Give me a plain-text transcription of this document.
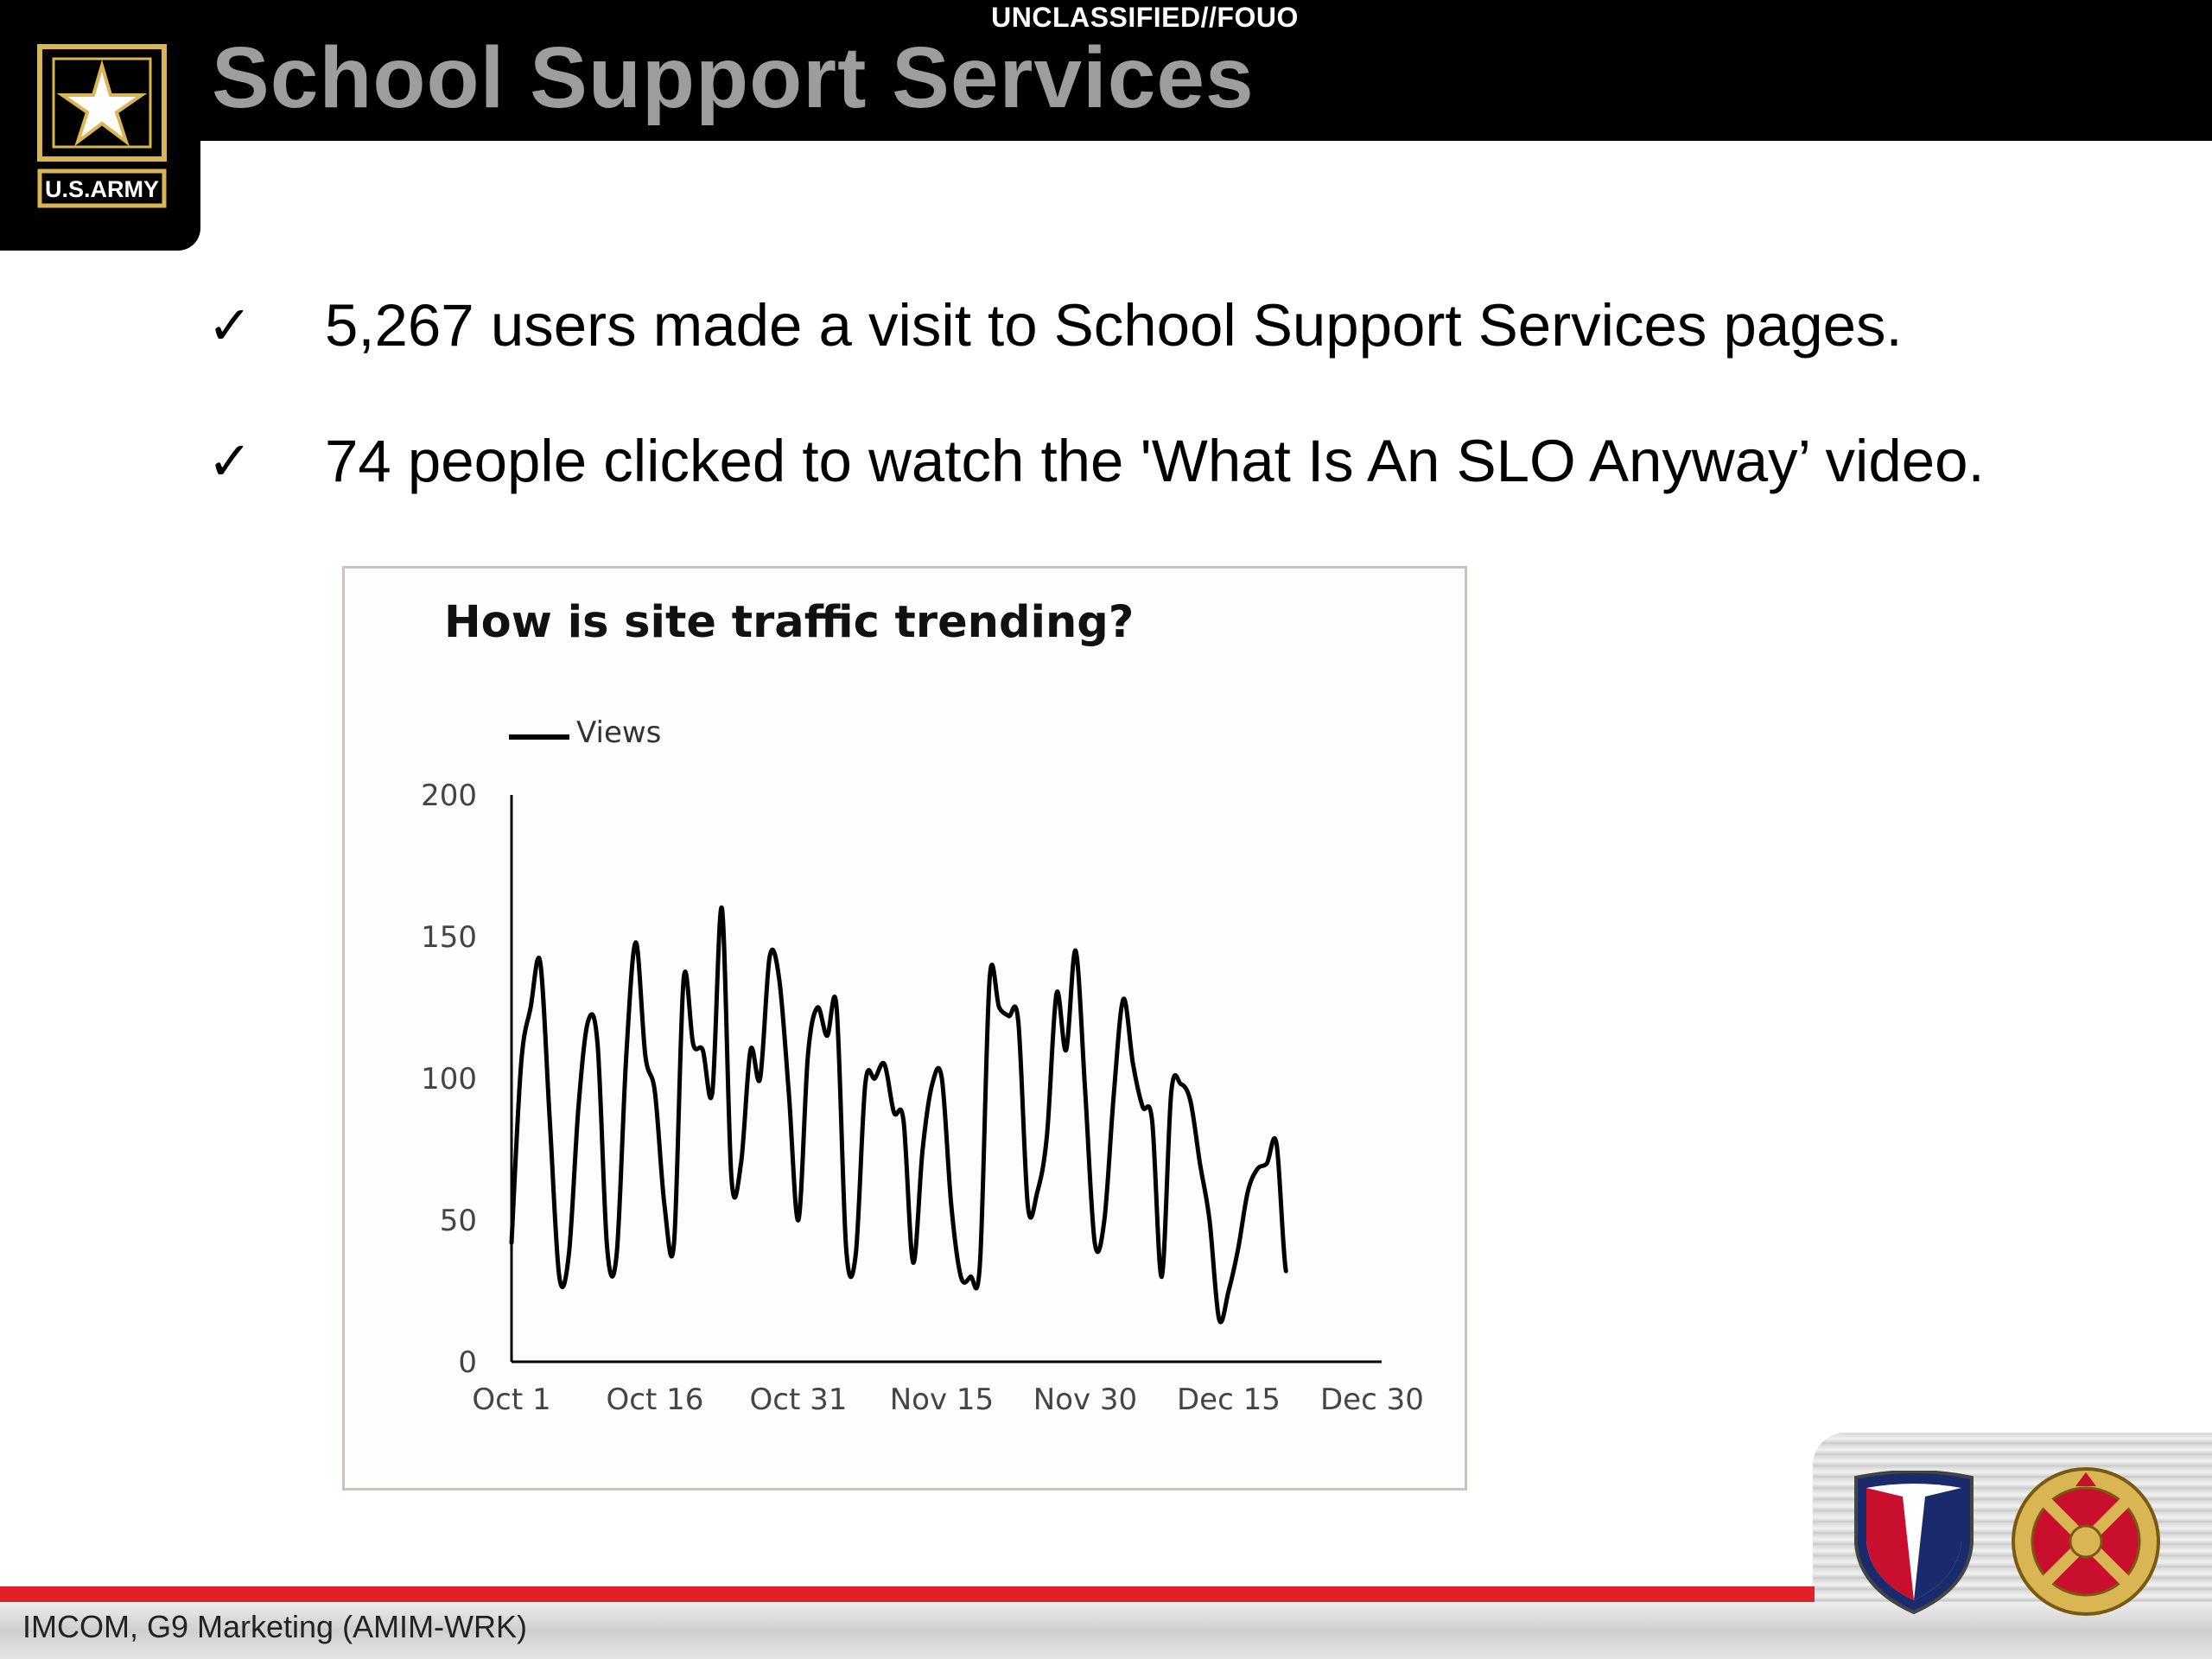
UNCLASSIFIED//FOUO
School Support Services
U.S.ARMY
✓ 5,267 users made a visit to School Support Services pages.
✓ 74 people clicked to watch the 'What Is An SLO Anyway’ video.
How is site traffic trending?
Views
0
50
100
150
200
Oct 1 Oct 16 Oct 31 Nov 15 Nov 30 Dec 15 Dec 30
IMCOM, G9 Marketing (AMIM-WRK)
